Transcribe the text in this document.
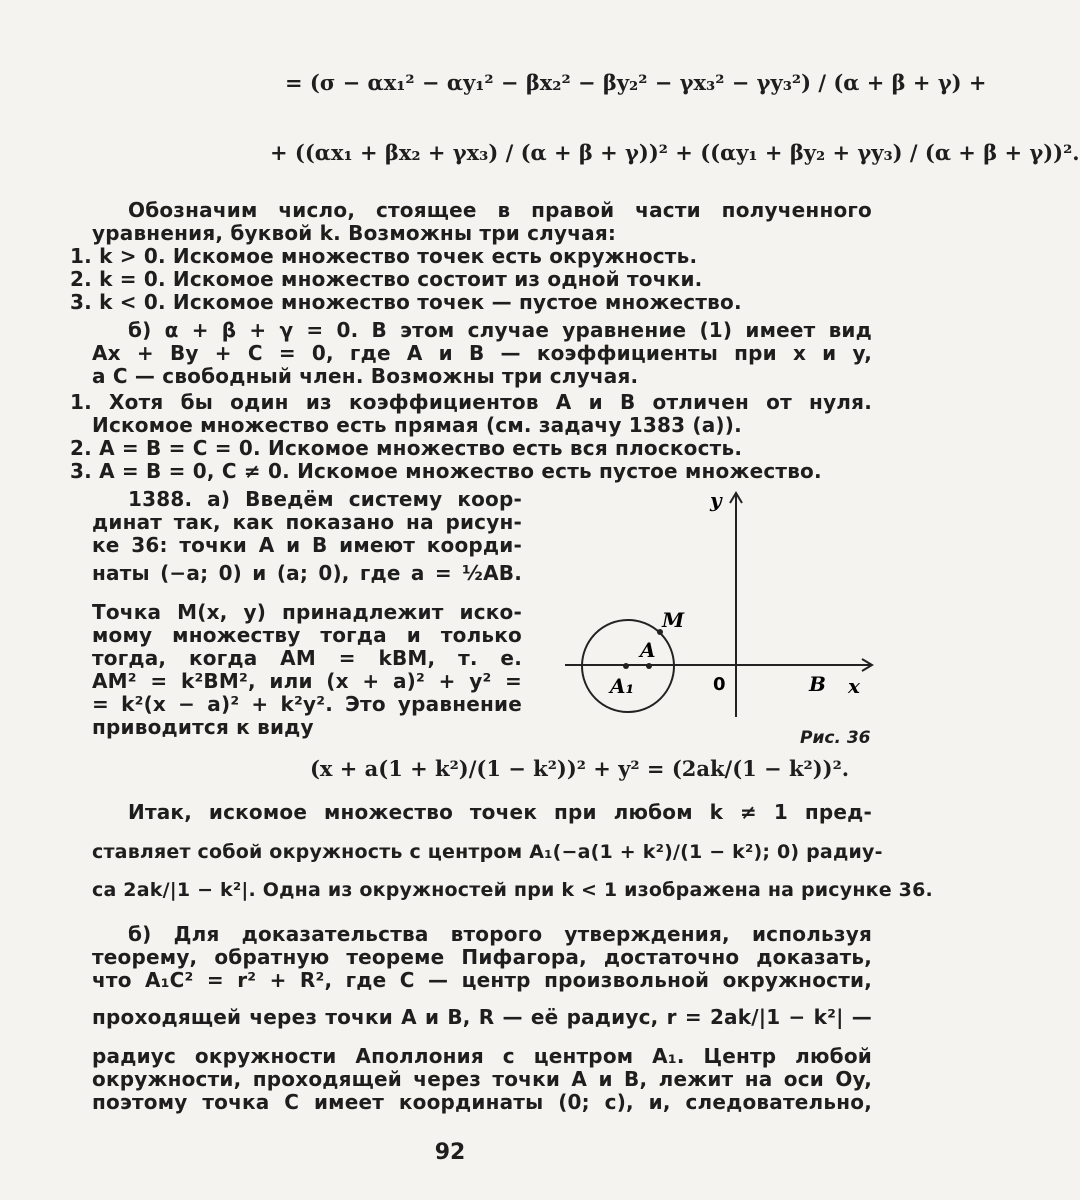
= (σ − αx₁² − αy₁² − βx₂² − βy₂² − γx₃² − γy₃²) / (α + β + γ) +
+ ((αx₁ + βx₂ + γx₃) / (α + β + γ))² + ((αy₁ + βy₂ + γy₃) / (α + β + γ))².
Обозначим число, стоящее в правой части полученного
уравнения, буквой k. Возможны три случая:
1. k > 0. Искомое множество точек есть окружность.
2. k = 0. Искомое множество состоит из одной точки.
3. k < 0. Искомое множество точек — пустое множество.
б) α + β + γ = 0. В этом случае уравнение (1) имеет вид
Ax + By + C = 0, где A и B — коэффициенты при x и y,
а C — свободный член. Возможны три случая.
1. Хотя бы один из коэффициентов A и B отличен от нуля.
Искомое множество есть прямая (см. задачу 1383 (а)).
2. A = B = C = 0. Искомое множество есть вся плоскость.
3. A = B = 0, C ≠ 0. Искомое множество есть пустое множество.
1388. а) Введём систему коор-
динат так, как показано на рисун-
ке 36: точки A и B имеют коорди-
наты (−a; 0) и (a; 0), где a = ½AB.
Точка M(x, y) принадлежит иско-
мому множеству тогда и только
тогда, когда AM = kBM, т. е.
AM² = k²BM², или (x + a)² + y² =
= k²(x − a)² + k²y². Это уравнение
приводится к виду
(x + a(1 + k²)/(1 − k²))² + y² = (2ak/(1 − k²))².
Итак, искомое множество точек при любом k ≠ 1 пред-
ставляет собой окружность с центром A₁(−a(1 + k²)/(1 − k²); 0) радиу-
са 2ak/|1 − k²|. Одна из окружностей при k < 1 изображена на рисунке 36.
б) Для доказательства второго утверждения, используя
теорему, обратную теореме Пифагора, достаточно доказать,
что A₁C² = r² + R², где C — центр произвольной окружности,
проходящей через точки A и B, R — её радиус, r = 2ak/|1 − k²| —
радиус окружности Аполлония с центром A₁. Центр любой
окружности, проходящей через точки A и B, лежит на оси Oy,
поэтому точка C имеет координаты (0; c), и, следовательно,
y
x
M
A
A₁	0	B
Рис. 36
92
